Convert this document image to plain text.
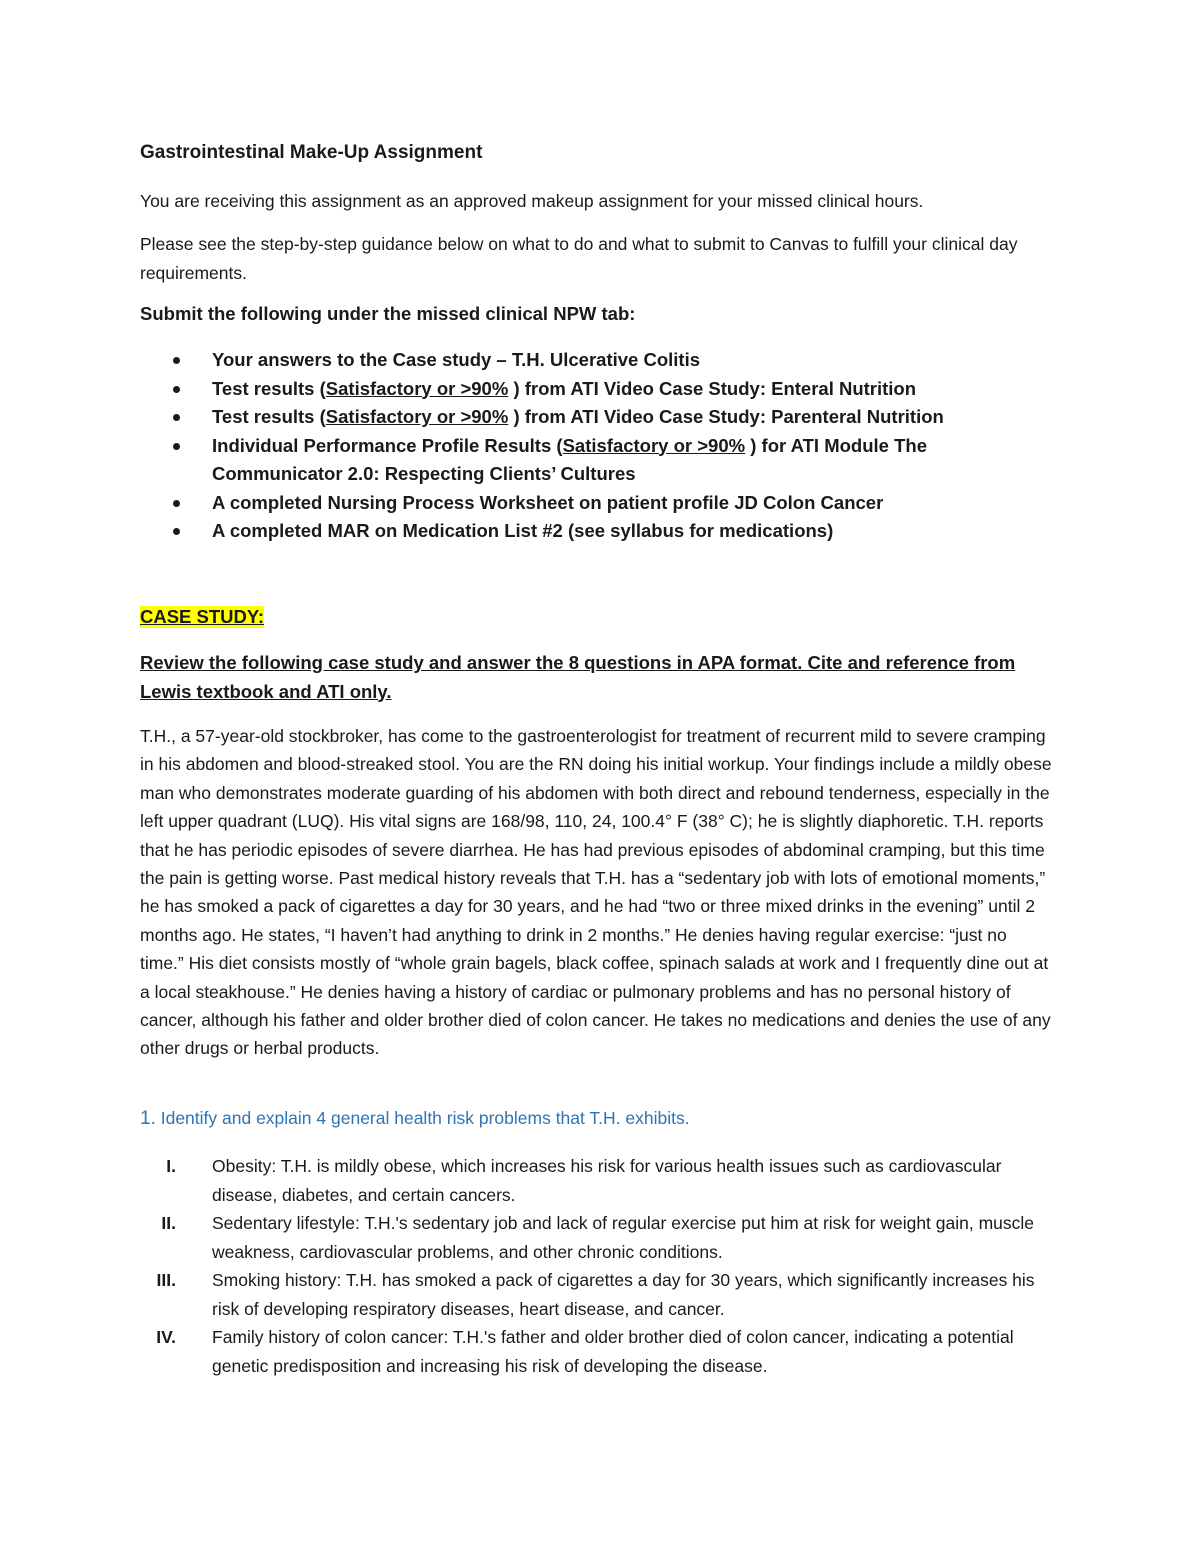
Gastrointestinal Make-Up Assignment

You are receiving this assignment as an approved makeup assignment for your missed clinical hours.

Please see the step-by-step guidance below on what to do and what to submit to Canvas to fulfill your clinical day requirements.

Submit the following under the missed clinical NPW tab:

Your answers to the Case study – T.H. Ulcerative Colitis
Test results (Satisfactory or >90% ) from ATI Video Case Study: Enteral Nutrition
Test results (Satisfactory or >90% ) from ATI Video Case Study: Parenteral Nutrition
Individual Performance Profile Results (Satisfactory or >90% ) for ATI Module The Communicator 2.0: Respecting Clients’ Cultures
A completed Nursing Process Worksheet on patient profile JD Colon Cancer
A completed MAR on Medication List #2 (see syllabus for medications)

CASE STUDY:

Review the following case study and answer the 8 questions in APA format. Cite and reference from Lewis textbook and ATI only.

T.H., a 57-year-old stockbroker, has come to the gastroenterologist for treatment of recurrent mild to severe cramping in his abdomen and blood-streaked stool. You are the RN doing his initial workup. Your findings include a mildly obese man who demonstrates moderate guarding of his abdomen with both direct and rebound tenderness, especially in the left upper quadrant (LUQ). His vital signs are 168/98, 110, 24, 100.4° F (38° C); he is slightly diaphoretic. T.H. reports that he has periodic episodes of severe diarrhea. He has had previous episodes of abdominal cramping, but this time the pain is getting worse. Past medical history reveals that T.H. has a “sedentary job with lots of emotional moments,” he has smoked a pack of cigarettes a day for 30 years, and he had “two or three mixed drinks in the evening” until 2 months ago. He states, “I haven’t had anything to drink in 2 months.” He denies having regular exercise: “just no time.” His diet consists mostly of “whole grain bagels, black coffee, spinach salads at work and I frequently dine out at a local steakhouse.” He denies having a history of cardiac or pulmonary problems and has no personal history of cancer, although his father and older brother died of colon cancer. He takes no medications and denies the use of any other drugs or herbal products.

1. Identify and explain 4 general health risk problems that T.H. exhibits.

I. Obesity: T.H. is mildly obese, which increases his risk for various health issues such as cardiovascular disease, diabetes, and certain cancers.
II. Sedentary lifestyle: T.H.'s sedentary job and lack of regular exercise put him at risk for weight gain, muscle weakness, cardiovascular problems, and other chronic conditions.
III. Smoking history: T.H. has smoked a pack of cigarettes a day for 30 years, which significantly increases his risk of developing respiratory diseases, heart disease, and cancer.
IV. Family history of colon cancer: T.H.'s father and older brother died of colon cancer, indicating a potential genetic predisposition and increasing his risk of developing the disease.
